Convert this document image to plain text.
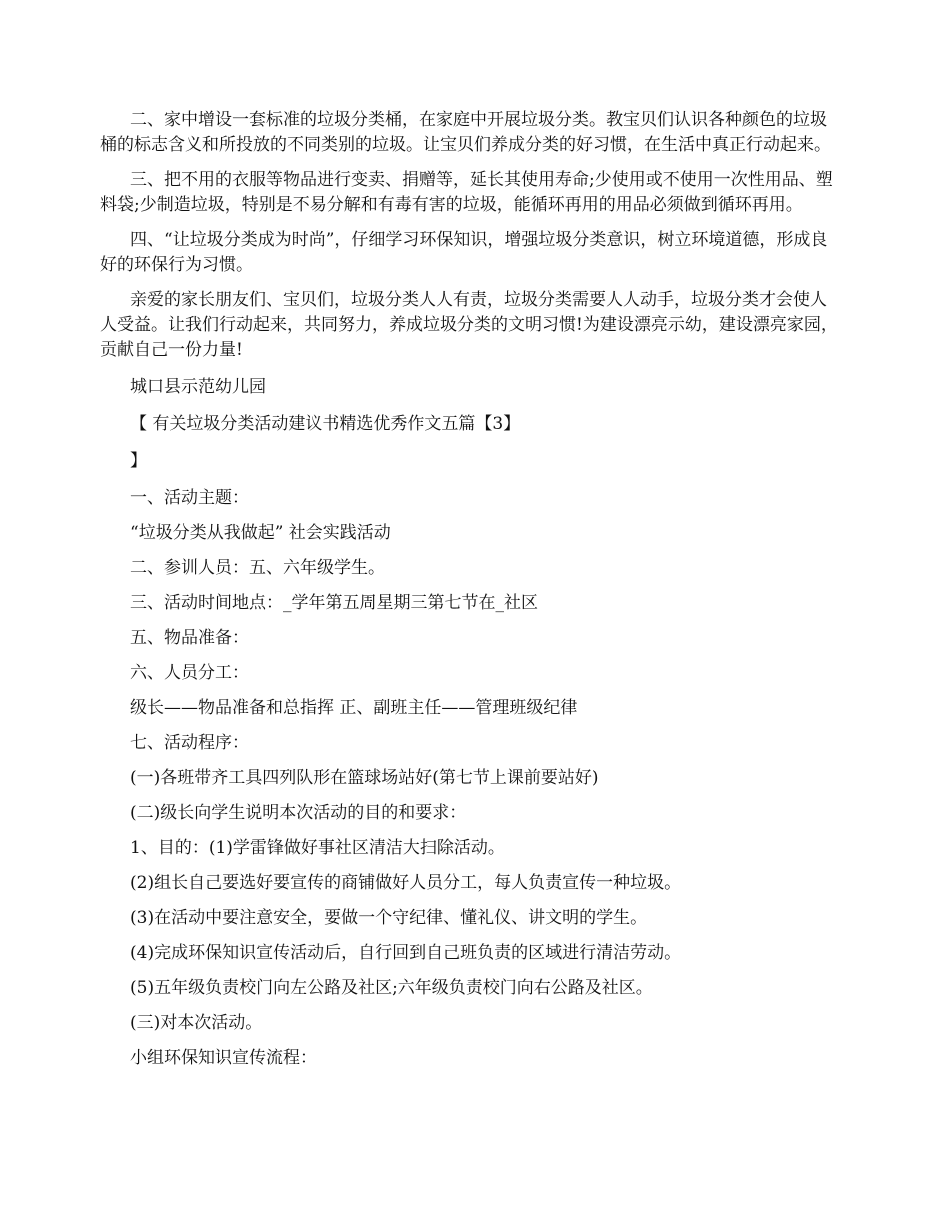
二、家中增设一套标准的垃圾分类桶，在家庭中开展垃圾分类。教宝贝们认识各种颜色的垃圾桶的标志含义和所投放的不同类别的垃圾。让宝贝们养成分类的好习惯，在生活中真正行动起来。

三、把不用的衣服等物品进行变卖、捐赠等，延长其使用寿命;少使用或不使用一次性用品、塑料袋;少制造垃圾，特别是不易分解和有毒有害的垃圾，能循环再用的用品必须做到循环再用。

四、“让垃圾分类成为时尚”，仔细学习环保知识，增强垃圾分类意识，树立环境道德，形成良好的环保行为习惯。

亲爱的家长朋友们、宝贝们，垃圾分类人人有责，垃圾分类需要人人动手，垃圾分类才会使人人受益。让我们行动起来，共同努力，养成垃圾分类的文明习惯!为建设漂亮示幼，建设漂亮家园，贡献自己一份力量!

城口县示范幼儿园

【 有关垃圾分类活动建议书精选优秀作文五篇【3】

】

一、活动主题：

“垃圾分类从我做起” 社会实践活动

二、参训人员：五、六年级学生。

三、活动时间地点：_学年第五周星期三第七节在_社区

五、物品准备：

六、人员分工：

级长——物品准备和总指挥 正、副班主任——管理班级纪律

七、活动程序：

(一)各班带齐工具四列队形在篮球场站好(第七节上课前要站好)

(二)级长向学生说明本次活动的目的和要求：

1、目的：(1)学雷锋做好事社区清洁大扫除活动。

(2)组长自己要选好要宣传的商铺做好人员分工，每人负责宣传一种垃圾。

(3)在活动中要注意安全，要做一个守纪律、懂礼仪、讲文明的学生。

(4)完成环保知识宣传活动后，自行回到自己班负责的区域进行清洁劳动。

(5)五年级负责校门向左公路及社区;六年级负责校门向右公路及社区。

(三)对本次活动。

小组环保知识宣传流程：
